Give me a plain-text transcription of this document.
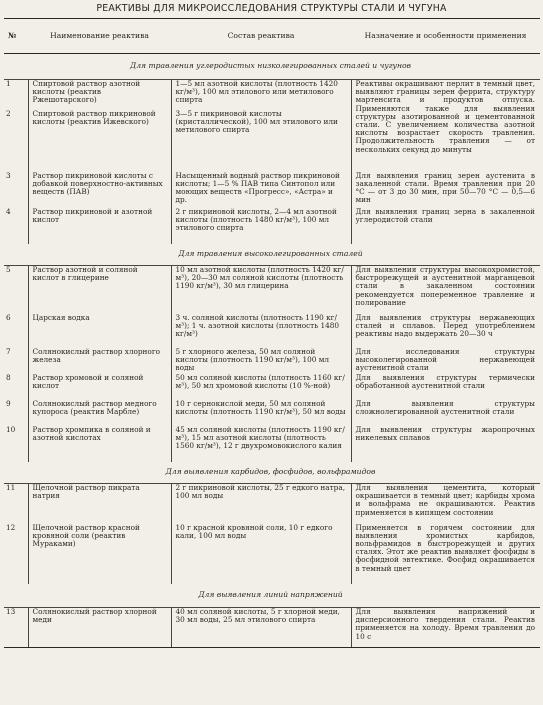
РЕАКТИВЫ ДЛЯ МИКРОИССЛЕДОВАНИЯ СТРУКТУРЫ СТАЛИ И ЧУГУНА
№	Наименование реактива	Состав реактива	Назначение и особенности применения
Для травления углеродистых низколегированных сталей и чугунов			
1	Спиртовой раствор азотной кислоты (реактив Ржешотарского)	1—5 мл азотной кислоты (плотность 1420 кг/м³), 100 мл этилового или метилового спирта	Реактивы окрашивают перлит в темный цвет, выявляют границы зерен феррита, структуру мартенсита и продуктов отпуска. Применяются также для выявления структуры азотированной и цементованной стали. С увеличением количества азотной кислоты возрастает скорость травления. Продолжительность травления — от нескольких секунд до минуты
2	Спиртовой раствор пикриновой кислоты (реактив Ижевского)	3—5 г пикриновой кислоты (кристаллической), 100 мл этилового или метилового спирта	
3	Раствор пикриновой кислоты с добавкой поверхностно-активных веществ (ПАВ)	Насыщенный водный раствор пикриновой кислоты; 1—5 % ПАВ типа Синтопол или моющих веществ «Прогресс», «Астра» и др.	Для выявления границ зерен аустенита в закаленной стали. Время травления при 20 °С — от 3 до 30 мин, при 50—70 °С — 0,5—6 мин
4	Раствор пикриновой и азотной кислот	2 г пикриновой кислоты, 2—4 мл азотной кислоты (плотность 1480 кг/м³), 100 мл этилового спирта	Для выявления границ зерна в закаленной углеродистой стали
Для травления высоколегированных сталей			
5	Раствор азотной и соляной кислот в глицерине	10 мл азотной кислоты (плотность 1420 кг/м³), 20—30 мл соляной кислоты (плотность 1190 кг/м³), 30 мл глицерина	Для выявления структуры высокохромистой, быстрорежущей и аустенитной марганцевой стали в закаленном состоянии рекомендуется попеременное травление и полирование
6	Царская водка	3 ч. соляной кислоты (плотность 1190 кг/м³); 1 ч. азотной кислоты (плотность 1480 кг/м³)	Для выявления структуры нержавеющих сталей и сплавов. Перед употреблением реактивы надо выдержать 20—30 ч
7	Солянокислый раствор хлорного железа	5 г хлорного железа, 50 мл соляной кислоты (плотность 1190 кг/м³), 100 мл воды	Для исследования структуры высоколегированной нержавеющей аустенитной стали
8	Раствор хромовой и соляной кислот	50 мл соляной кислоты (плотность 1160 кг/м³), 50 мл хромовой кислоты (10 %-ной)	Для выявления структуры термически обработанной аустенитной стали
9	Солянокислый раствор медного купороса (реактив Марбле)	10 г сернокислой меди, 50 мл соляной кислоты (плотность 1190 кг/м³), 50 мл воды	Для выявления структуры сложнолегированной аустенитной стали
10	Раствор хромпика в соляной и азотной кислотах	45 мл соляной кислоты (плотность 1190 кг/м³), 15 мл азотной кислоты (плотность 1560 кг/м³), 12 г двухромовокислого калия	Для выявления структуры жаропрочных никелевых сплавов
Для выявления карбидов, фосфидов, вольфрамидов			
11	Щелочной раствор пикрата натрия	2 г пикриновой кислоты, 25 г едкого натра, 100 мл воды	Для выявления цементита, который окрашивается в темный цвет; карбиды хрома и вольфрама не окрашиваются. Реактив применяется в кипящем состоянии
12	Щелочной раствор красной кровяной соли (реактив Мураками)	10 г красной кровяной соли, 10 г едкого кали, 100 мл воды	Применяется в горячем состоянии для выявления хромистых карбидов, вольфрамидов в быстрорежущей и других сталях. Этот же реактив выявляет фосфиды в фосфидной эвтектике. Фосфид окрашивается в темный цвет
Для выявления линий напряжений			
13	Солянокислый раствор хлорной меди	40 мл соляной кислоты, 5 г хлорной меди, 30 мл воды, 25 мл этилового спирта	Для выявления напряжений и дисперсионного твердения стали. Реактив применяется на холоду. Время травления до 10 с
